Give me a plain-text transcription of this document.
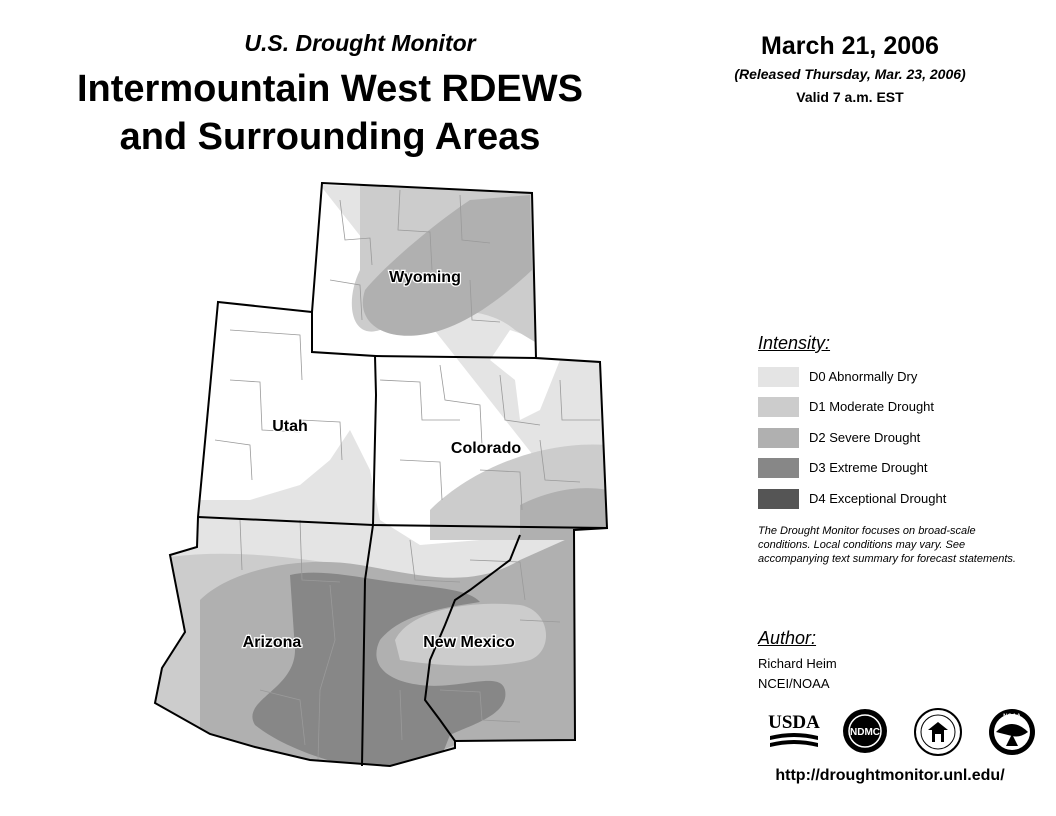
U.S. Drought Monitor
Intermountain West RDEWS
and Surrounding Areas
March 21, 2006
(Released Thursday, Mar. 23, 2006)
Valid 7 a.m. EST
Wyoming
Utah
Colorado
Arizona	New Mexico
Intensity:
D0 Abnormally Dry
D1 Moderate Drought
D2 Severe Drought
D3 Extreme Drought
D4 Exceptional Drought
The Drought Monitor focuses on broad-scale conditions. Local conditions may vary. See accompanying text summary for forecast statements.
Author:
Richard Heim
NCEI/NOAA
USDA	NDMC
NOAA
http://droughtmonitor.unl.edu/
